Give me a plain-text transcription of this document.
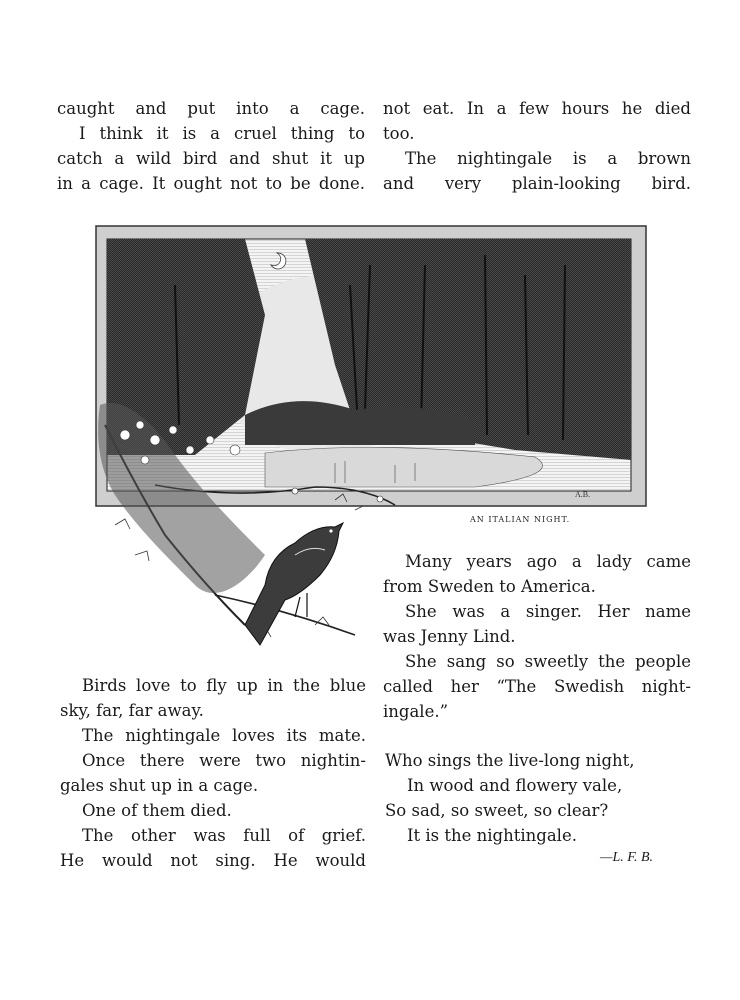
caught and put into a cage.

I think it is a cruel thing to

catch a wild bird and shut it up

in a cage. It ought not to be done.

not eat. In a few hours he died

too.

The nightingale is a brown

and very plain-looking bird.

A.B.
AN ITALIAN NIGHT.

Birds love to fly up in the blue

sky, far, far away.

The nightingale loves its mate.

Once there were two nightin-

gales shut up in a cage.

One of them died.

The other was full of grief.

He would not sing. He would

Many years ago a lady came

from Sweden to America.

She was a singer. Her name

was Jenny Lind.

She sang so sweetly the people

called her “The Swedish night-

ingale.”

Who sings the live-long night,

In wood and flowery vale,

So sad, so sweet, so clear?

It is the nightingale.

—L. F. B.
